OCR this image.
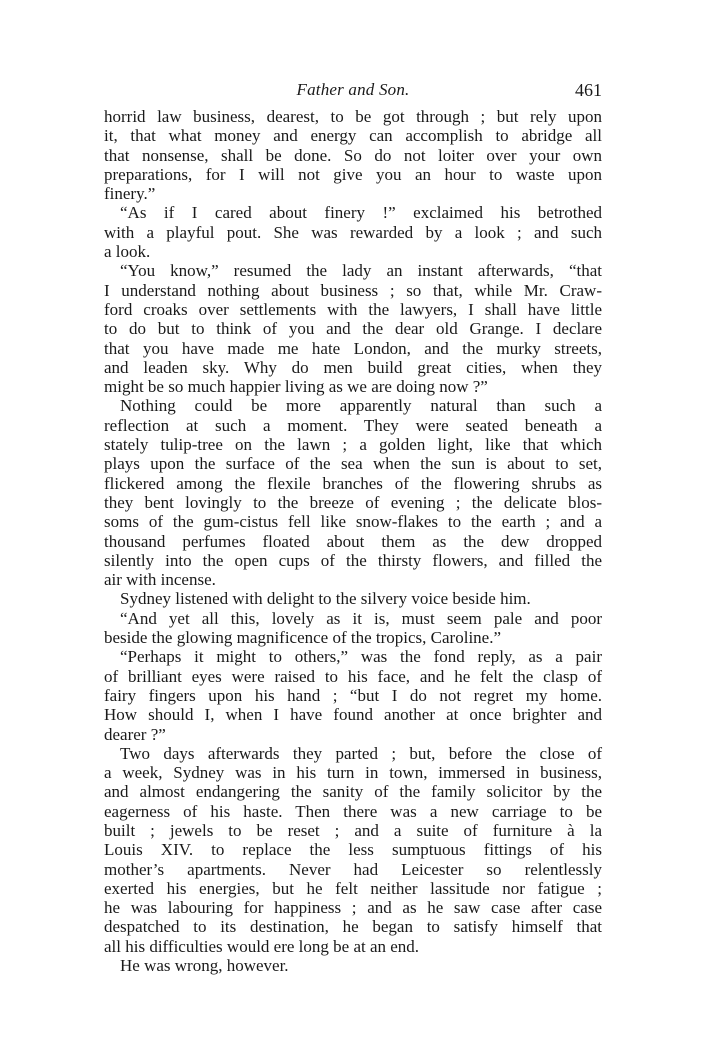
Father and Son.	461
horrid law business, dearest, to be got through ; but rely upon
it, that what money and energy can accomplish to abridge all
that nonsense, shall be done. So do not loiter over your own
preparations, for I will not give you an hour to waste upon
finery.”
“As if I cared about finery !” exclaimed his betrothed
with a playful pout. She was rewarded by a look ; and such
a look.
“You know,” resumed the lady an instant afterwards, “that
I understand nothing about business ; so that, while Mr. Craw-
ford croaks over settlements with the lawyers, I shall have little
to do but to think of you and the dear old Grange. I declare
that you have made me hate London, and the murky streets,
and leaden sky. Why do men build great cities, when they
might be so much happier living as we are doing now ?”
Nothing could be more apparently natural than such a
reflection at such a moment. They were seated beneath a
stately tulip-tree on the lawn ; a golden light, like that which
plays upon the surface of the sea when the sun is about to set,
flickered among the flexile branches of the flowering shrubs as
they bent lovingly to the breeze of evening ; the delicate blos-
soms of the gum-cistus fell like snow-flakes to the earth ; and a
thousand perfumes floated about them as the dew dropped
silently into the open cups of the thirsty flowers, and filled the
air with incense.
Sydney listened with delight to the silvery voice beside him.
“And yet all this, lovely as it is, must seem pale and poor
beside the glowing magnificence of the tropics, Caroline.”
“Perhaps it might to others,” was the fond reply, as a pair
of brilliant eyes were raised to his face, and he felt the clasp of
fairy fingers upon his hand ; “but I do not regret my home.
How should I, when I have found another at once brighter and
dearer ?”
Two days afterwards they parted ; but, before the close of
a week, Sydney was in his turn in town, immersed in business,
and almost endangering the sanity of the family solicitor by the
eagerness of his haste. Then there was a new carriage to be
built ; jewels to be reset ; and a suite of furniture à la
Louis XIV. to replace the less sumptuous fittings of his
mother’s apartments. Never had Leicester so relentlessly
exerted his energies, but he felt neither lassitude nor fatigue ;
he was labouring for happiness ; and as he saw case after case
despatched to its destination, he began to satisfy himself that
all his difficulties would ere long be at an end.
He was wrong, however.
